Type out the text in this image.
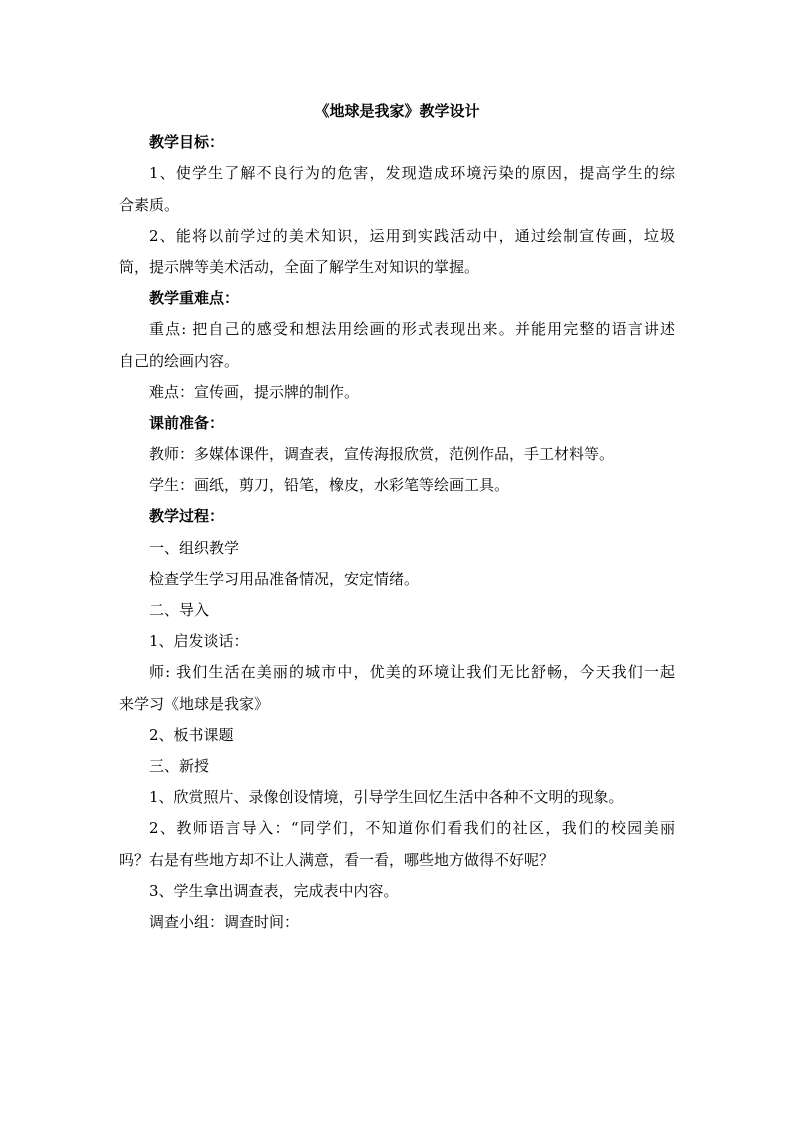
《地球是我家》教学设计
教学目标：
1、使学生了解不良行为的危害，发现造成环境污染的原因，提高学生的综
合素质。
2、能将以前学过的美术知识，运用到实践活动中，通过绘制宣传画，垃圾
筒，提示牌等美术活动，全面了解学生对知识的掌握。
教学重难点：
重点: 把自己的感受和想法用绘画的形式表现出来。并能用完整的语言讲述
自己的绘画内容。
难点：宣传画，提示牌的制作。
课前准备：
教师：多媒体课件，调查表，宣传海报欣赏，范例作品，手工材料等。
学生：画纸，剪刀，铅笔，橡皮，水彩笔等绘画工具。
教学过程：
一、组织教学
检查学生学习用品准备情况，安定情绪。
二、导入
1、启发谈话：
师: 我们生活在美丽的城市中，优美的环境让我们无比舒畅，今天我们一起
来学习《地球是我家》
2、板书课题
三、新授
1、欣赏照片、录像创设情境，引导学生回忆生活中各种不文明的现象。
2、教师语言导入：“同学们，不知道你们看我们的社区，我们的校园美丽
吗？右是有些地方却不让人满意，看一看，哪些地方做得不好呢？
3、学生拿出调查表，完成表中内容。
调查小组：调查时间：
